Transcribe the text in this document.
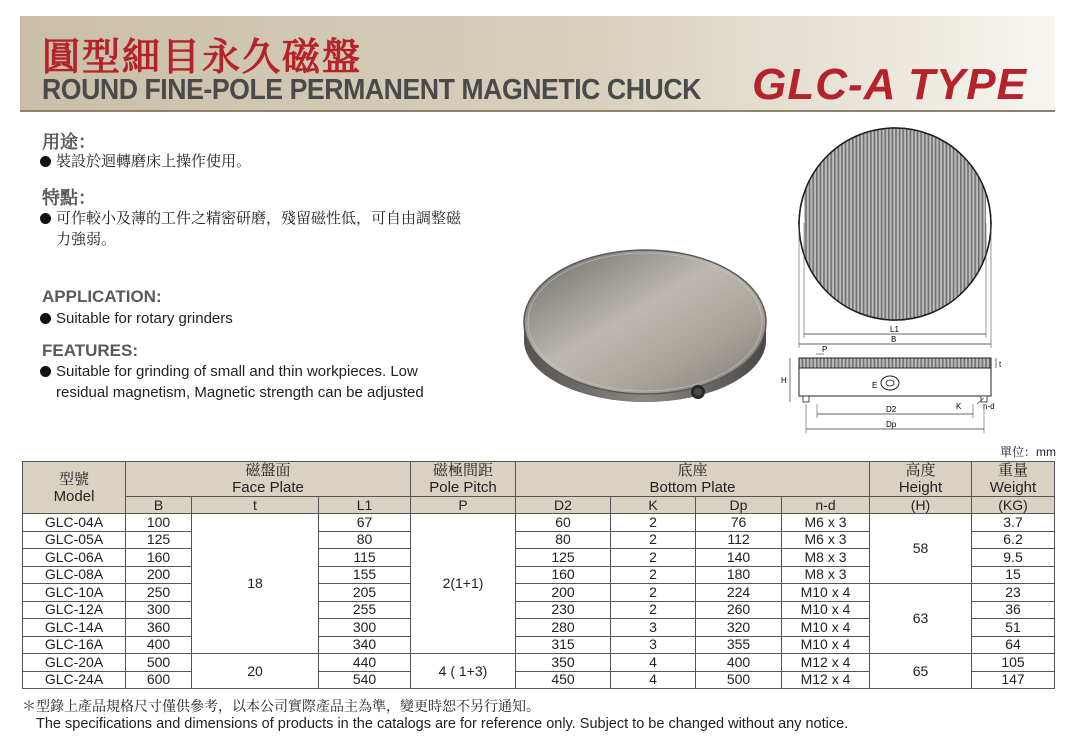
圓型細目永久磁盤
ROUND FINE-POLE PERMANENT MAGNETIC CHUCK GLC-A TYPE
用途：
裝設於迴轉磨床上操作使用。
特點：
可作較小及薄的工件之精密研磨，殘留磁性低，可自由調整磁
力強弱。
APPLICATION:
Suitable for rotary grinders
FEATURES:
Suitable for grinding of small and thin workpieces. Low
residual magnetism, Magnetic strength can be adjusted
L1
B
P
E
H
t
K	n-d
D2
Dp
單位：mm
型號
Model	磁盤面
Face Plate			磁極間距
Pole Pitch	底座
Bottom Plate				高度
Height	重量
Weight
	B	t	L1	P	D2	K	Dp	n-d	(H)	(KG)
GLC-04A	100	18	67	2(1+1)	60	2	76	M6 x 3	58	3.7
GLC-05A	125		80		80	2	112	M6 x 3		6.2
GLC-06A	160		115		125	2	140	M8 x 3		9.5
GLC-08A	200		155		160	2	180	M8 x 3		15
GLC-10A	250		205		200	2	224	M10 x 4	63	23
GLC-12A	300		255		230	2	260	M10 x 4		36
GLC-14A	360		300		280	3	320	M10 x 4		51
GLC-16A	400		340		315	3	355	M10 x 4		64
GLC-20A	500	20	440	4 ( 1+3)	350	4	400	M12 x 4	65	105
GLC-24A	600		540		450	4	500	M12 x 4		147
＊型錄上產品規格尺寸僅供參考，以本公司實際產品主為準，變更時恕不另行通知。
The specifications and dimensions of products in the catalogs are for reference only. Subject to be changed without any notice.
